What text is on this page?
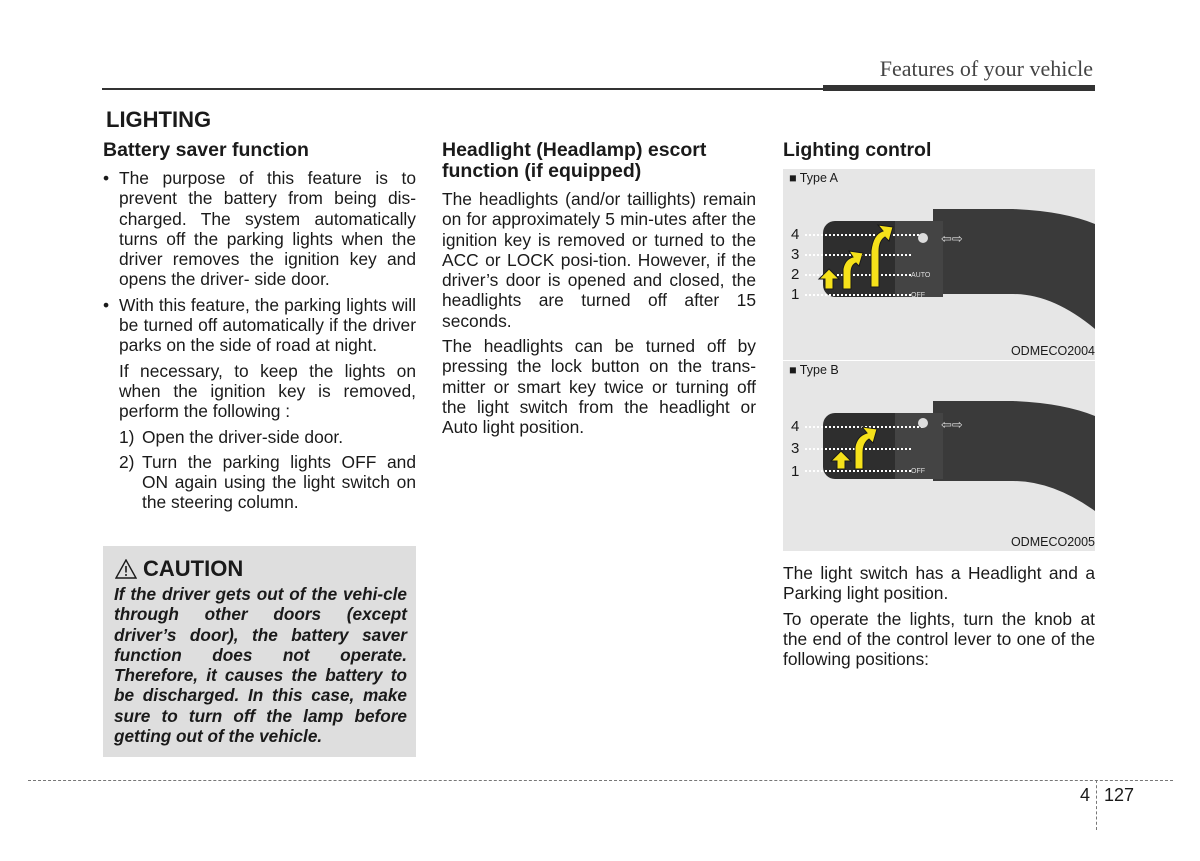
Features of your vehicle
LIGHTING
Battery saver function
• The purpose of this feature is to prevent the battery from being dis-charged. The system automatically turns off the parking lights when the driver removes the ignition key and opens the driver- side door.
• With this feature, the parking lights will be turned off automatically if the driver parks on the side of road at night.
If necessary, to keep the lights on when the ignition key is removed, perform the following :
1) Open the driver-side door.
2) Turn the parking lights OFF and ON again using the light switch on the steering column.
CAUTION
If the driver gets out of the vehi-cle through other doors (except driver’s door), the battery saver function does not operate. Therefore, it causes the battery to be discharged. In this case, make sure to turn off the lamp before getting out of the vehicle.
Headlight (Headlamp) escort function (if equipped)

The headlights (and/or taillights) remain on for approximately 5 min-utes after the ignition key is removed or turned to the ACC or LOCK posi-tion. However, if the driver’s door is opened and closed, the headlights are turned off after 15 seconds.

The headlights can be turned off by pressing the lock button on the trans-mitter or smart key twice or turning off the light switch from the headlight or Auto light position.

Lighting control
⇦⇨
■ Type A
4
3
2
1
AUTO
OFF
ODMECO2004
⇦⇨
■ Type B
4
3
1	OFF
ODMECO2005

The light switch has a Headlight and a Parking light position.

To operate the lights, turn the knob at the end of the control lever to one of the following positions:

4 127
